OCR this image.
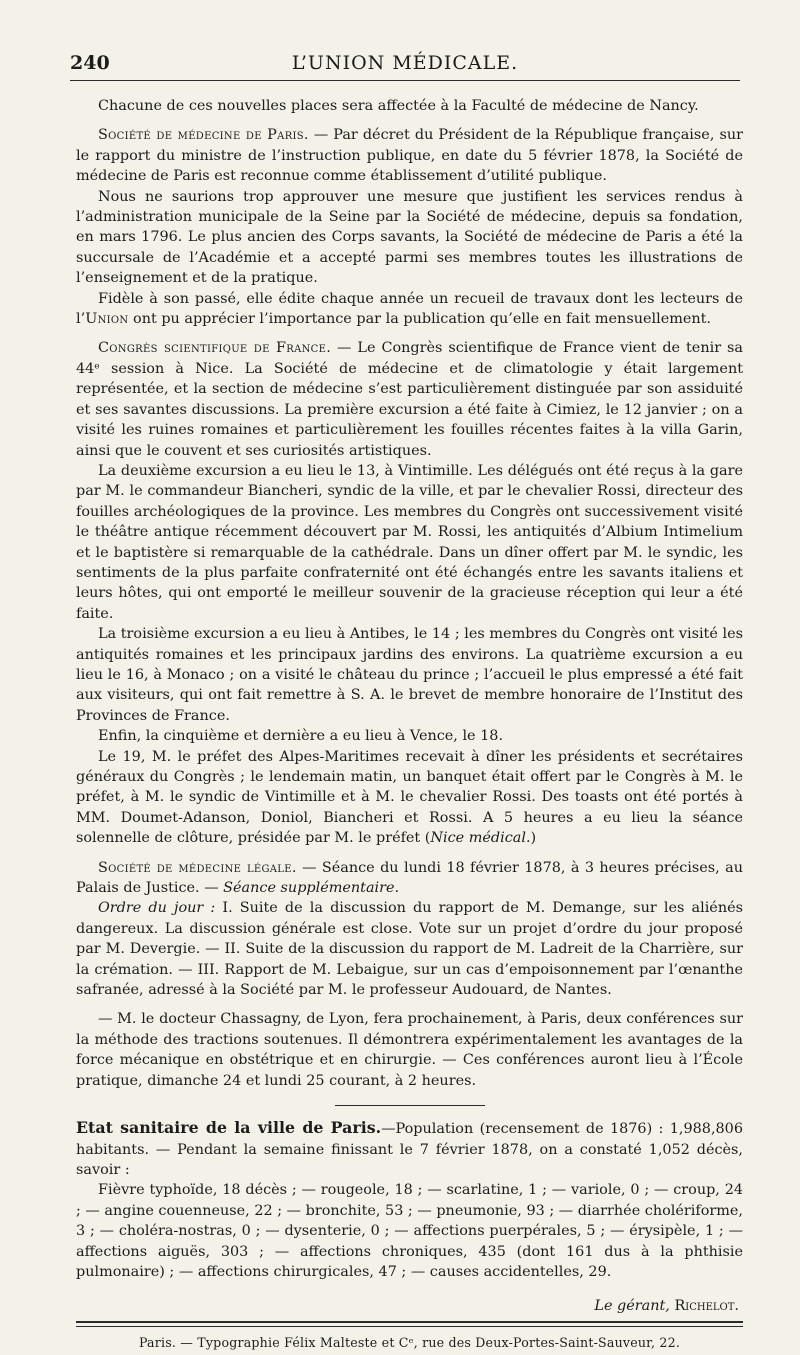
240	L’UNION MÉDICALE.

Chacune de ces nouvelles places sera affectée à la Faculté de médecine de Nancy.

Société de médecine de Paris. — Par décret du Président de la République française, sur le rapport du ministre de l’instruction publique, en date du 5 février 1878, la Société de médecine de Paris est reconnue comme établissement d’utilité publique.

Nous ne saurions trop approuver une mesure que justifient les services rendus à l’administration municipale de la Seine par la Société de médecine, depuis sa fondation, en mars 1796. Le plus ancien des Corps savants, la Société de médecine de Paris a été la succursale de l’Académie et a accepté parmi ses membres toutes les illustrations de l’enseignement et de la pratique.

Fidèle à son passé, elle édite chaque année un recueil de travaux dont les lecteurs de l’Union ont pu apprécier l’importance par la publication qu’elle en fait mensuellement.

Congrès scientifique de France. — Le Congrès scientifique de France vient de tenir sa 44ᵉ session à Nice. La Société de médecine et de climatologie y était largement représentée, et la section de médecine s’est particulièrement distinguée par son assiduité et ses savantes discussions. La première excursion a été faite à Cimiez, le 12 janvier ; on a visité les ruines romaines et particulièrement les fouilles récentes faites à la villa Garin, ainsi que le couvent et ses curiosités artistiques.

La deuxième excursion a eu lieu le 13, à Vintimille. Les délégués ont été reçus à la gare par M. le commandeur Biancheri, syndic de la ville, et par le chevalier Rossi, directeur des fouilles archéologiques de la province. Les membres du Congrès ont successivement visité le théâtre antique récemment découvert par M. Rossi, les antiquités d’Albium Intimelium et le baptistère si remarquable de la cathédrale. Dans un dîner offert par M. le syndic, les sentiments de la plus parfaite confraternité ont été échangés entre les savants italiens et leurs hôtes, qui ont emporté le meilleur souvenir de la gracieuse réception qui leur a été faite.

La troisième excursion a eu lieu à Antibes, le 14 ; les membres du Congrès ont visité les antiquités romaines et les principaux jardins des environs. La quatrième excursion a eu lieu le 16, à Monaco ; on a visité le château du prince ; l’accueil le plus empressé a été fait aux visiteurs, qui ont fait remettre à S. A. le brevet de membre honoraire de l’Institut des Provinces de France.

Enfin, la cinquième et dernière a eu lieu à Vence, le 18.

Le 19, M. le préfet des Alpes-Maritimes recevait à dîner les présidents et secrétaires généraux du Congrès ; le lendemain matin, un banquet était offert par le Congrès à M. le préfet, à M. le syndic de Vintimille et à M. le chevalier Rossi. Des toasts ont été portés à MM. Doumet-Adanson, Doniol, Biancheri et Rossi. A 5 heures a eu lieu la séance solennelle de clôture, présidée par M. le préfet (Nice médical.)

Société de médecine légale. — Séance du lundi 18 février 1878, à 3 heures précises, au Palais de Justice. — Séance supplémentaire.

Ordre du jour : I. Suite de la discussion du rapport de M. Demange, sur les aliénés dangereux. La discussion générale est close. Vote sur un projet d’ordre du jour proposé par M. Devergie. — II. Suite de la discussion du rapport de M. Ladreit de la Charrière, sur la crémation. — III. Rapport de M. Lebaigue, sur un cas d’empoisonnement par l’œnanthe safranée, adressé à la Société par M. le professeur Audouard, de Nantes.

— M. le docteur Chassagny, de Lyon, fera prochainement, à Paris, deux conférences sur la méthode des tractions soutenues. Il démontrera expérimentalement les avantages de la force mécanique en obstétrique et en chirurgie. — Ces conférences auront lieu à l’École pratique, dimanche 24 et lundi 25 courant, à 2 heures.

Etat sanitaire de la ville de Paris.—Population (recensement de 1876) : 1,988,806 habitants. — Pendant la semaine finissant le 7 février 1878, on a constaté 1,052 décès, savoir :

Fièvre typhoïde, 18 décès ; — rougeole, 18 ; — scarlatine, 1 ; — variole, 0 ; — croup, 24 ; — angine couenneuse, 22 ; — bronchite, 53 ; — pneumonie, 93 ; — diarrhée cholériforme, 3 ; — choléra-nostras, 0 ; — dysenterie, 0 ; — affections puerpérales, 5 ; — érysipèle, 1 ; — affections aiguës, 303 ; — affections chroniques, 435 (dont 161 dus à la phthisie pulmonaire) ; — affections chirurgicales, 47 ; — causes accidentelles, 29.

Le gérant, Richelot.
Paris. — Typographie Félix Malteste et Cᵉ, rue des Deux-Portes-Saint-Sauveur, 22.
